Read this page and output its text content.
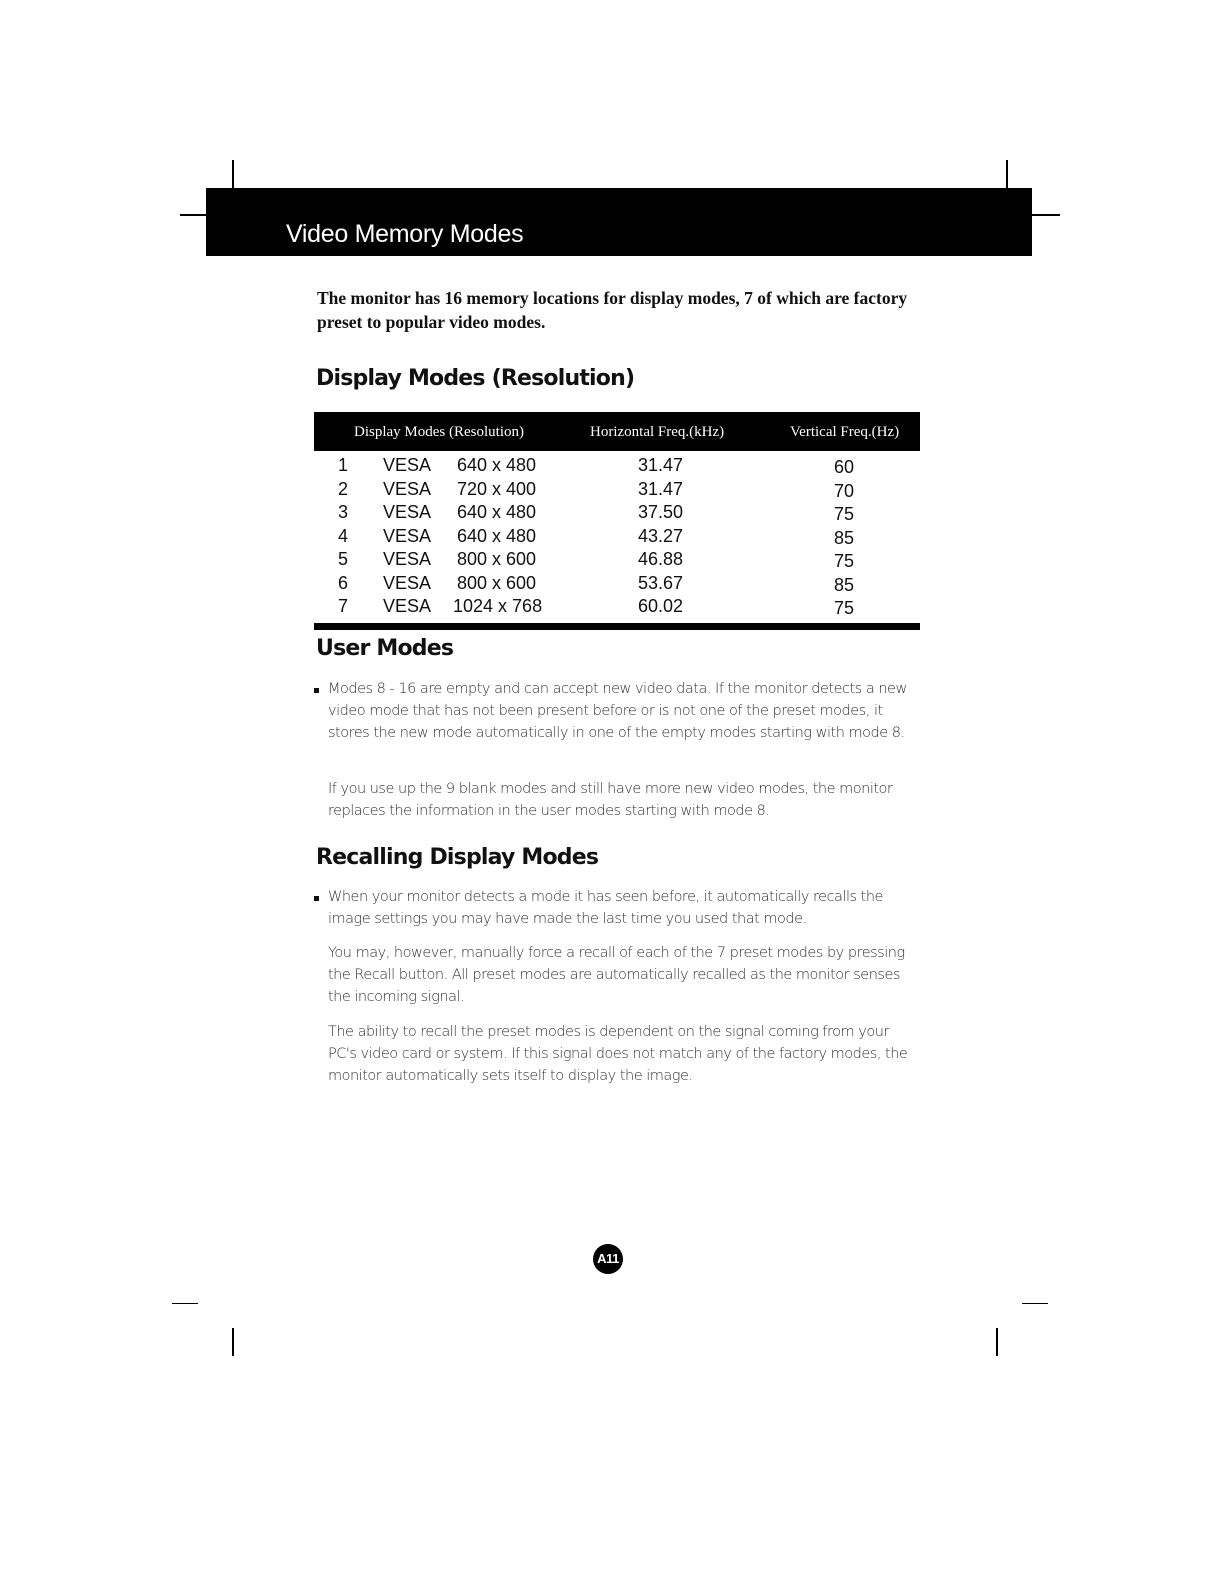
Video Memory Modes
The monitor has 16 memory locations for display modes, 7 of which are factory preset to popular video modes.
Display Modes (Resolution)
Display Modes (Resolution)	Horizontal Freq.(kHz)	Vertical Freq.(Hz)
1 VESA 640 x 480	31.47	60
2 VESA 720 x 400	31.47	70
3 VESA 640 x 480	37.50	75
4 VESA 640 x 480	43.27	85
5 VESA 800 x 600	46.88	75
6 VESA 800 x 600	53.67	85
7 VESA 1024 x 768	60.02	75
User Modes
Modes 8 - 16 are empty and can accept new video data. If the monitor detects a new video mode that has not been present before or is not one of the preset modes, it stores the new mode automatically in one of the empty modes starting with mode 8.
If you use up the 9 blank modes and still have more new video modes, the monitor replaces the information in the user modes starting with mode 8.
Recalling Display Modes
When your monitor detects a mode it has seen before, it automatically recalls the image settings you may have made the last time you used that mode.
You may, however, manually force a recall of each of the 7 preset modes by pressing the Recall button. All preset modes are automatically recalled as the monitor senses the incoming signal.
The ability to recall the preset modes is dependent on the signal coming from your PC's video card or system. If this signal does not match any of the factory modes, the monitor automatically sets itself to display the image.
A11
